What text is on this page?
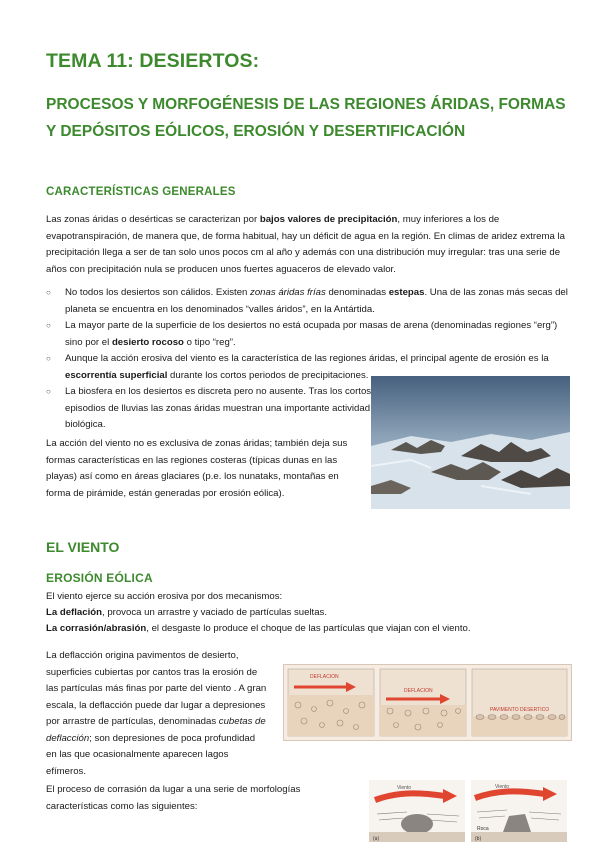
TEMA 11: DESIERTOS:
PROCESOS Y MORFOGÉNESIS DE LAS REGIONES ÁRIDAS, FORMAS Y DEPÓSITOS EÓLICOS, EROSIÓN Y DESERTIFICACIÓN
CARACTERÍSTICAS GENERALES

Las zonas áridas o desérticas se caracterizan por bajos valores de precipitación, muy inferiores a los de evapotranspiración, de manera que, de forma habitual, hay un déficit de agua en la región. En climas de aridez extrema la precipitación llega a ser de tan solo unos pocos cm al año y además con una distribución muy irregular: tras una serie de años con precipitación nula se producen unos fuertes aguaceros de elevado valor.

○ No todos los desiertos son cálidos. Existen zonas áridas frías denominadas estepas. Una de las zonas más secas del planeta se encuentra en los denominados “valles áridos”, en la Antártida.
○ La mayor parte de la superficie de los desiertos no está ocupada por masas de arena (denominadas regiones “erg”) sino por el desierto rocoso o tipo “reg”.
○ Aunque la acción erosiva del viento es la característica de las regiones áridas, el principal agente de erosión es la escorrentía superficial durante los cortos periodos de precipitaciones.
○ La biosfera en los desiertos es discreta pero no ausente. Tras los cortos episodios de lluvias las zonas áridas muestran una importante actividad biológica.

La acción del viento no es exclusiva de zonas áridas; también deja sus formas características en las regiones costeras (típicas dunas en las playas) así como en áreas glaciares (p.e. los nunataks, montañas en forma de pirámide, están generadas por erosión eólica).

EL VIENTO
EROSIÓN EÓLICA

El viento ejerce su acción erosiva por dos mecanismos:

La deflación, provoca un arrastre y vaciado de partículas sueltas.

La corrasión/abrasión, el desgaste lo produce el choque de las partículas que viajan con el viento.

La deflacción origina pavimentos de desierto, superficies cubiertas por cantos tras la erosión de las partículas más finas por parte del viento . A gran escala, la deflacción puede dar lugar a depresiones por arrastre de partículas, denominadas cubetas de deflacción; son depresiones de poca profundidad en las que ocasionalmente aparecen lagos efímeros.

El proceso de corrasión da lugar a una serie de morfologías características como las siguientes:

DEFLACION
DEFLACION
PAVIMENTO DESERTICO
Viento
(a)
Viento
Roca
(b)
